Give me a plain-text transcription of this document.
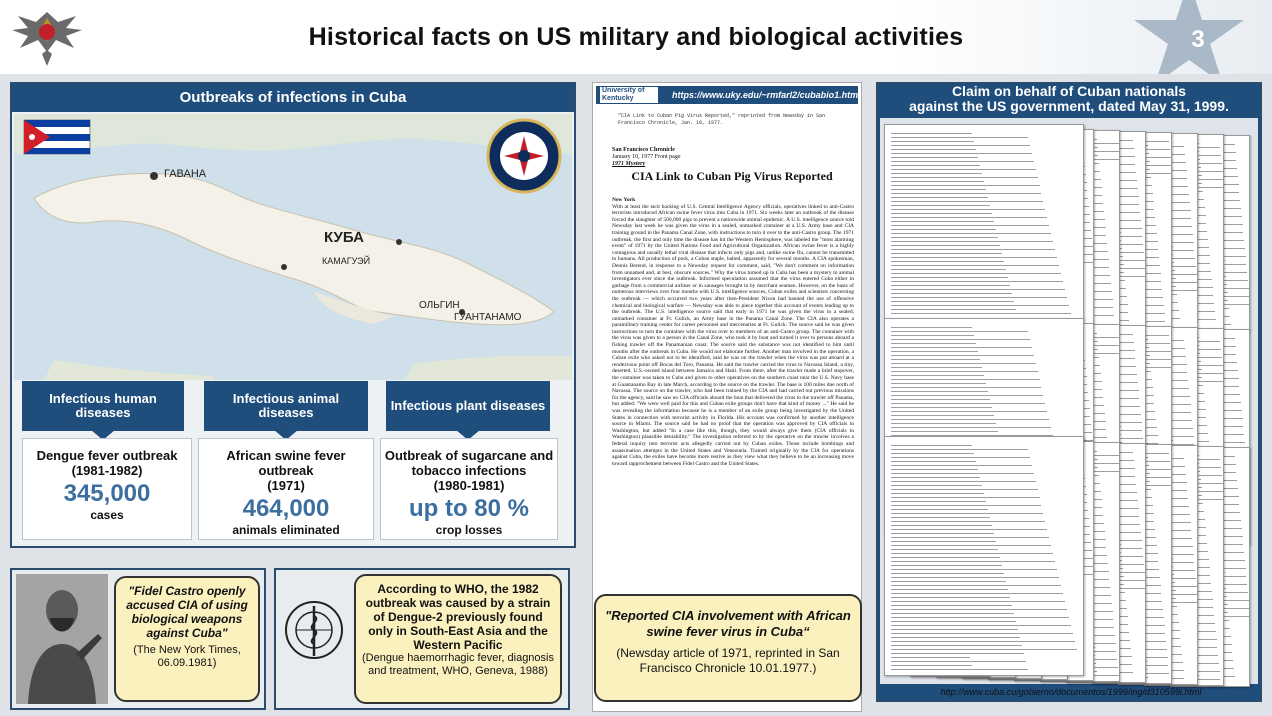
Historical facts on US military and biological activities	3
Outbreaks of infections in Cuba
ГАВАНА
КУБА
КАМАГУЭЙ
ОЛЬГИН
ГУАНТАНАМО
Infectious human diseases
Infectious animal diseases	Infectious plant diseases
Dengue fever outbreak
(1981-1982)
345,000
cases
African swine fever outbreak
(1971)
464,000
animals eliminated
Outbreak of sugarcane and tobacco infections
(1980-1981)
up to 80 %
crop losses
"Fidel Castro openly accused CIA of using biological weapons against Cuba"
(The New York Times, 06.09.1981)
According to WHO, the 1982 outbreak was caused by a strain of Dengue-2 previously found only in South-East Asia and the Western Pacific
(Dengue haemorrhagic fever, diagnosis and treatment, WHO, Geneva, 1988)
University of Kentucky	https://www.uky.edu/~rmfarl2/cubabio1.htm
"CIA Link to Cuban Pig Virus Reported," reprinted from Newsday in San Francisco Chronicle, Jan. 10, 1977.
San Francisco Chronicle
January 10, 1977 Front page
1971 Mystery
CIA Link to Cuban Pig Virus Reported
New York
With at least the tacit backing of U.S. Central Intelligence Agency officials, operatives linked to anti-Castro terrorists introduced African swine fever virus into Cuba in 1971. Six weeks later an outbreak of the disease forced the slaughter of 500,000 pigs to prevent a nationwide animal epidemic. A U.S. intelligence source told Newsday last week he was given the virus in a sealed, unmarked container at a U.S. Army base and CIA training ground in the Panama Canal Zone, with instructions to turn it over to the anti-Castro group. The 1971 outbreak, the first and only time the disease has hit the Western Hemisphere, was labeled the "most alarming event" of 1971 by the United Nations Food and Agricultural Organization. African swine fever is a highly contagious and usually lethal viral disease that infects only pigs and, unlike swine flu, cannot be transmitted to humans. All production of pork, a Cuban staple, halted, apparently for several months. A CIA spokesman, Dennis Berend, in response to a Newsday request for comment, said, "We don't comment on information from unnamed and, at best, obscure sources." Why the virus turned up in Cuba has been a mystery to animal investigators ever since the outbreak. Informed speculation assumed that the virus entered Cuba either in garbage from a commercial airliner or in sausages brought in by merchant seamen. However, on the basis of numerous interviews over four months with U.S. intelligence sources, Cuban exiles and scientists concerning the outbreak — which occurred two years after then-President Nixon had banned the use of offensive chemical and biological warfare — Newsday was able to piece together this account of events leading up to the outbreak. The U.S. intelligence source said that early in 1971 he was given the virus in a sealed, unmarked container at Ft. Gulick, an Army base in the Panama Canal Zone. The CIA also operates a paramilitary training center for career personnel and mercenaries at Ft. Gulick. The source said he was given instructions to turn the container with the virus over to members of an anti-Castro group. The container with the virus was given to a person in the Canal Zone, who took it by boat and turned it over to persons aboard a fishing trawler off the Panamanian coast. The source said the substance was not identified to him until months after the outbreak in Cuba. He would not elaborate further. Another man involved in the operation, a Cuban exile who asked not to be identified, said he was on the trawler when the virus was put aboard at a rendezvous point off Bocas del Toro, Panama. He said the trawler carried the virus to Navassa Island, a tiny, deserted, U.S.-owned island between Jamaica and Haiti. From there, after the trawler made a brief stopover, the container was taken to Cuba and given to other operatives on the southern coast near the U.S. Navy base at Guantanamo Bay in late March, according to the source on the trawler. The base is 100 miles due north of Navassa. The source on the trawler, who had been trained by the CIA and had carried out previous missions for the agency, said he saw no CIA officials aboard the boat that delivered the virus to the trawler off Panama, but added: "We were well paid for this and Cuban exile groups don't have that kind of money ..." He said he was revealing the information because he is a member of an exile group being investigated by the United States in connection with terrorist activity in Florida. His account was confirmed by another intelligence source in Miami. The source said he had no proof that the operation was approved by CIA officials in Washington, but added "In a case like this, though, they would always give them (CIA officials in Washington) plausible deniability." The investigation referred to by the operative on the trawler involves a federal inquiry into terrorist acts allegedly carried out by Cuban exiles. Those include bombings and assassination attempts in the United States and Venezuela. Trained originally by the CIA for operations against Cuba, the exiles have become more restive as they view what they believe to be an increasing move toward rapprochement between Fidel Castro and the United States.
"Reported CIA involvement with African swine fever virus in Cuba“
(Newsday article of 1971, reprinted in San Francisco Chronicle 10.01.1977.)
Claim on behalf of Cuban nationals
against the US government, dated May 31, 1999.
http://www.cuba.cu/gobierno/documentos/1999/ing/d310599i.html
